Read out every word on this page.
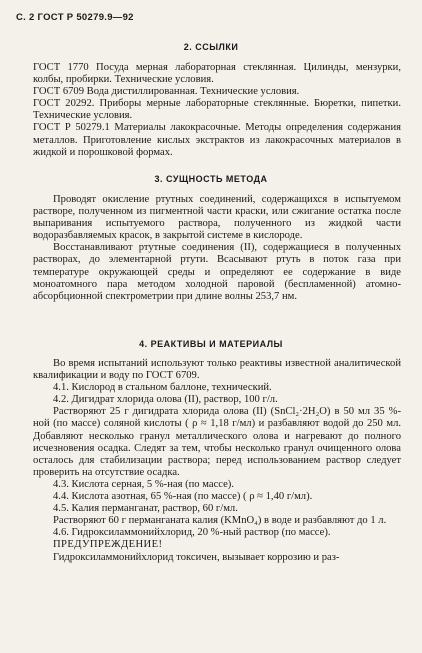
С. 2 ГОСТ Р 50279.9—92
2. ССЫЛКИ

ГОСТ 1770 Посуда мерная лабораторная стеклянная. Цилинды, мензурки, колбы, пробирки. Технические условия.

ГОСТ 6709 Вода дистиллированная. Технические условия.

ГОСТ 20292. Приборы мерные лабораторные стеклянные. Бюретки, пипетки. Технические условия.

ГОСТ Р 50279.1 Материалы лакокрасочные. Методы определения содержания металлов. Приготовление кислых экстрактов из лакокрасочных материалов в жидкой и порошковой формах.

3. СУЩНОСТЬ МЕТОДА

Проводят окисление ртутных соединений, содержащихся в испытуемом растворе, полученном из пигментной части краски, или сжигание остатка после выпаривания испытуемого раствора, полученного из жидкой части водоразбавляемых красок, в закрытой системе в кислороде.

Восстанавливают ртутные соединения (II), содержащиеся в полученных растворах, до элементарной ртути. Всасывают ртуть в поток газа при температуре окружающей среды и определяют ее содержание в виде моноатомного пара методом холодной паровой (беспламенной) атомно-абсорбционной спектрометрии при длине волны 253,7 нм.

4. РЕАКТИВЫ И МАТЕРИАЛЫ

Во время испытаний используют только реактивы известной аналитической квалификации и воду по ГОСТ 6709.

4.1. Кислород в стальном баллоне, технический.

4.2. Дигидрат хлорида олова (II), раствор, 100 г/л.

Растворяют 25 г дигидрата хлорида олова (II) (SnCl₂·2H₂O) в 50 мл 35 %-ной (по массе) соляной кислоты ( ρ ≈ 1,18 г/мл) и разбавляют водой до 250 мл. Добавляют несколько гранул металлического олова и нагревают до полного исчезновения осадка. Следят за тем, чтобы несколько гранул очищенного олова осталось для стабилизации раствора; перед использованием раствор следует проверить на отсутствие осадка.

4.3. Кислота серная, 5 %-ная (по массе).

4.4. Кислота азотная, 65 %-ная (по массе) ( ρ ≈ 1,40 г/мл).

4.5. Калия перманганат, раствор, 60 г/мл.

Растворяют 60 г перманганата калия (KMnO₄) в воде и разбавляют до 1 л.

4.6. Гидроксиламмонийхлорид, 20 %-ный раствор (по массе).

ПРЕДУПРЕЖДЕНИЕ!

Гидроксиламмонийхлорид токсичен, вызывает коррозию и раз-
